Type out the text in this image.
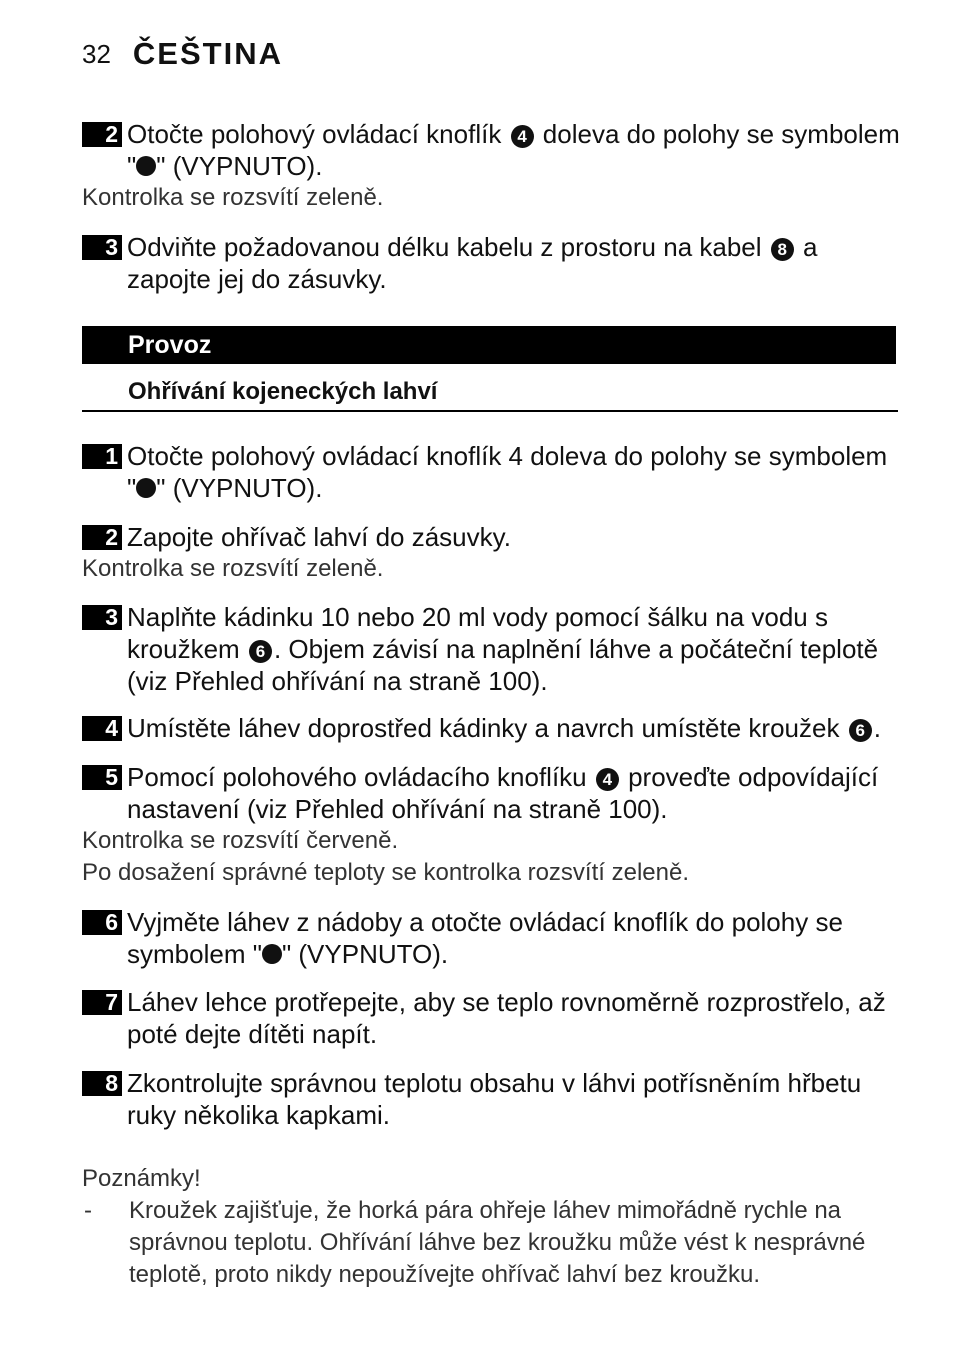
32 ČEŠTINA
2 Otočte polohový ovládací knoflík 4 doleva do polohy se symbolem " " (VYPNUTO).
Kontrolka se rozsvítí zeleně.
3 Odviňte požadovanou délku kabelu z prostoru na kabel 8 a zapojte jej do zásuvky.
Provoz
Ohřívání kojeneckých lahví
1 Otočte polohový ovládací knoflík 4 doleva do polohy se symbolem " " (VYPNUTO).
2 Zapojte ohřívač lahví do zásuvky.
Kontrolka se rozsvítí zeleně.
3 Naplňte kádinku 10 nebo 20 ml vody pomocí šálku na vodu s kroužkem 6 . Objem závisí na naplnění láhve a počáteční teplotě (viz Přehled ohřívání na straně 100).
4 Umístěte láhev doprostřed kádinky a navrch umístěte kroužek 6 .
5 Pomocí polohového ovládacího knoflíku 4 proveďte odpovídající nastavení (viz Přehled ohřívání na straně 100).
Kontrolka se rozsvítí červeně.
Po dosažení správné teploty se kontrolka rozsvítí zeleně.
6 Vyjměte láhev z nádoby a otočte ovládací knoflík do polohy se symbolem " " (VYPNUTO).
7 Láhev lehce protřepejte, aby se teplo rovnoměrně rozprostřelo, až poté dejte dítěti napít.
8 Zkontrolujte správnou teplotu obsahu v láhvi potřísněním hřbetu ruky několika kapkami.
Poznámky!
-	Kroužek zajišťuje, že horká pára ohřeje láhev mimořádně rychle na správnou teplotu. Ohřívání láhve bez kroužku může vést k nesprávné teplotě, proto nikdy nepoužívejte ohřívač lahví bez kroužku.
